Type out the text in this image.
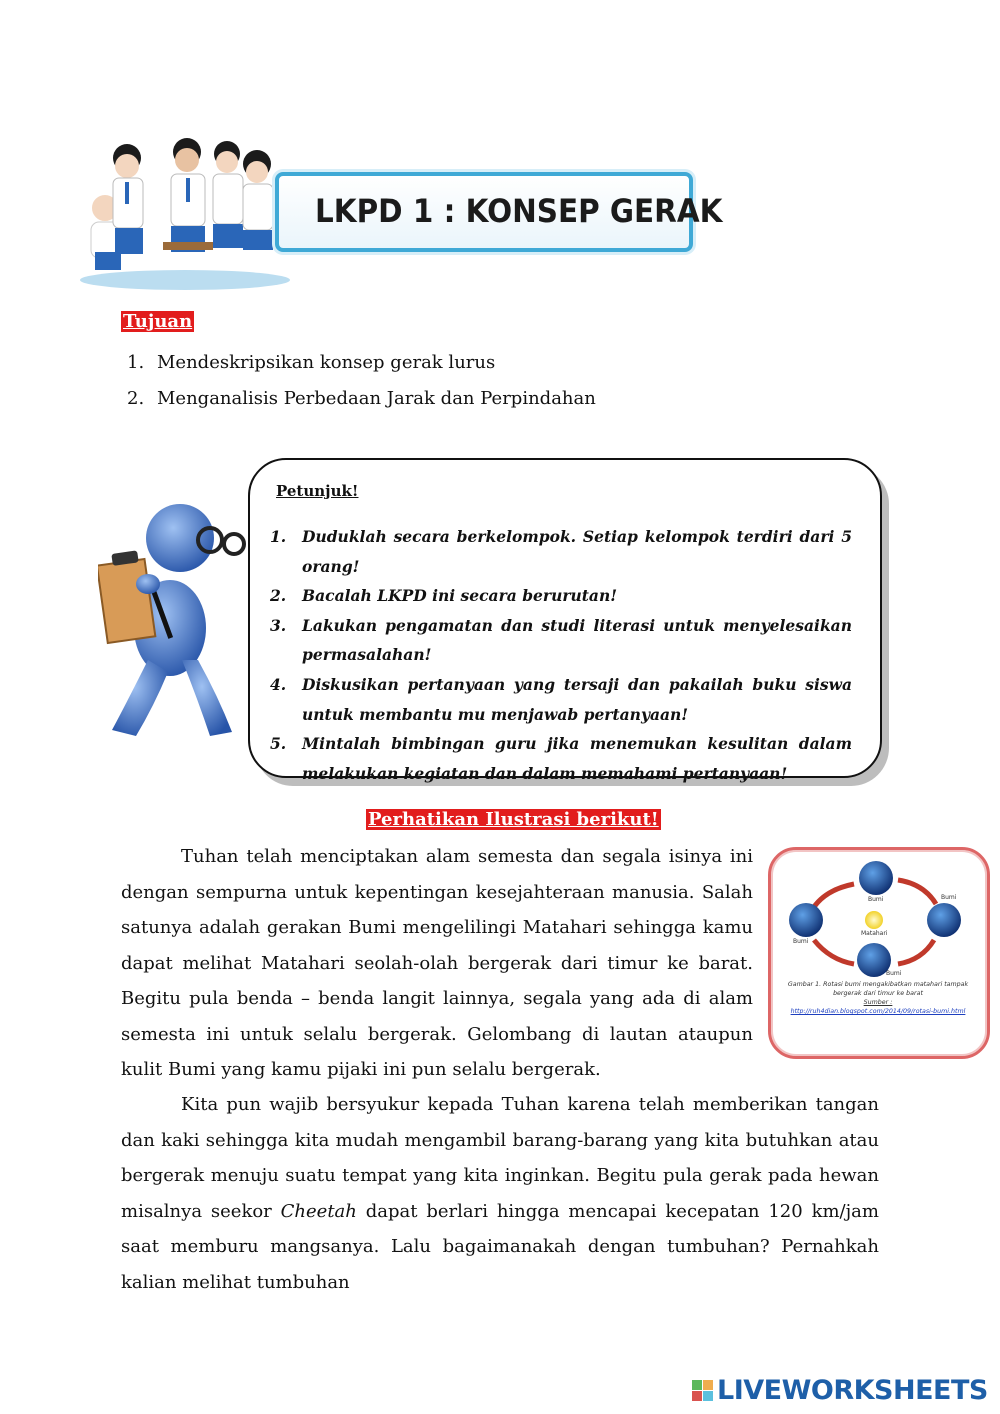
LKPD 1 : KONSEP GERAK
Tujuan
1. Mendeskripsikan konsep gerak lurus
2. Menganalisis Perbedaan Jarak dan Perpindahan
Petunjuk!
1.	Duduklah secara berkelompok. Setiap kelompok terdiri dari 5 orang!
2.	Bacalah LKPD ini secara berurutan!
3.	Lakukan pengamatan dan studi literasi untuk menyelesaikan permasalahan!
4.	Diskusikan pertanyaan yang tersaji dan pakailah buku siswa untuk membantu mu menjawab pertanyaan!
5.	Mintalah bimbingan guru jika menemukan kesulitan dalam melakukan kegiatan dan dalam memahami pertanyaan!
Perhatikan Ilustrasi berikut!

Tuhan telah menciptakan alam semesta dan segala isinya ini dengan sempurna untuk kepentingan kesejahteraan manusia. Salah satunya adalah gerakan Bumi mengelilingi Matahari sehingga kamu dapat melihat Matahari seolah-olah bergerak dari timur ke barat. Begitu pula benda – benda langit lainnya, segala yang ada di alam semesta ini untuk selalu bergerak. Gelombang di lautan ataupun kulit Bumi yang kamu pijaki ini pun selalu bergerak.

Bumi
Matahari
Bumi
Bumi
Bumi
Gambar 1. Rotasi bumi mengakibatkan matahari tampak bergerak dari timur ke barat
Sumber :
http://ruh4dian.blogspot.com/2014/09/rotasi-bumi.html

Kita pun wajib bersyukur kepada Tuhan karena telah memberikan tangan dan kaki sehingga kita mudah mengambil barang-barang yang kita butuhkan atau bergerak menuju suatu tempat yang kita inginkan. Begitu pula gerak pada hewan misalnya seekor Cheetah dapat berlari hingga mencapai kecepatan 120 km/jam saat memburu mangsanya. Lalu bagaimanakah dengan tumbuhan? Pernahkah kalian melihat tumbuhan

LIVEWORKSHEETS
